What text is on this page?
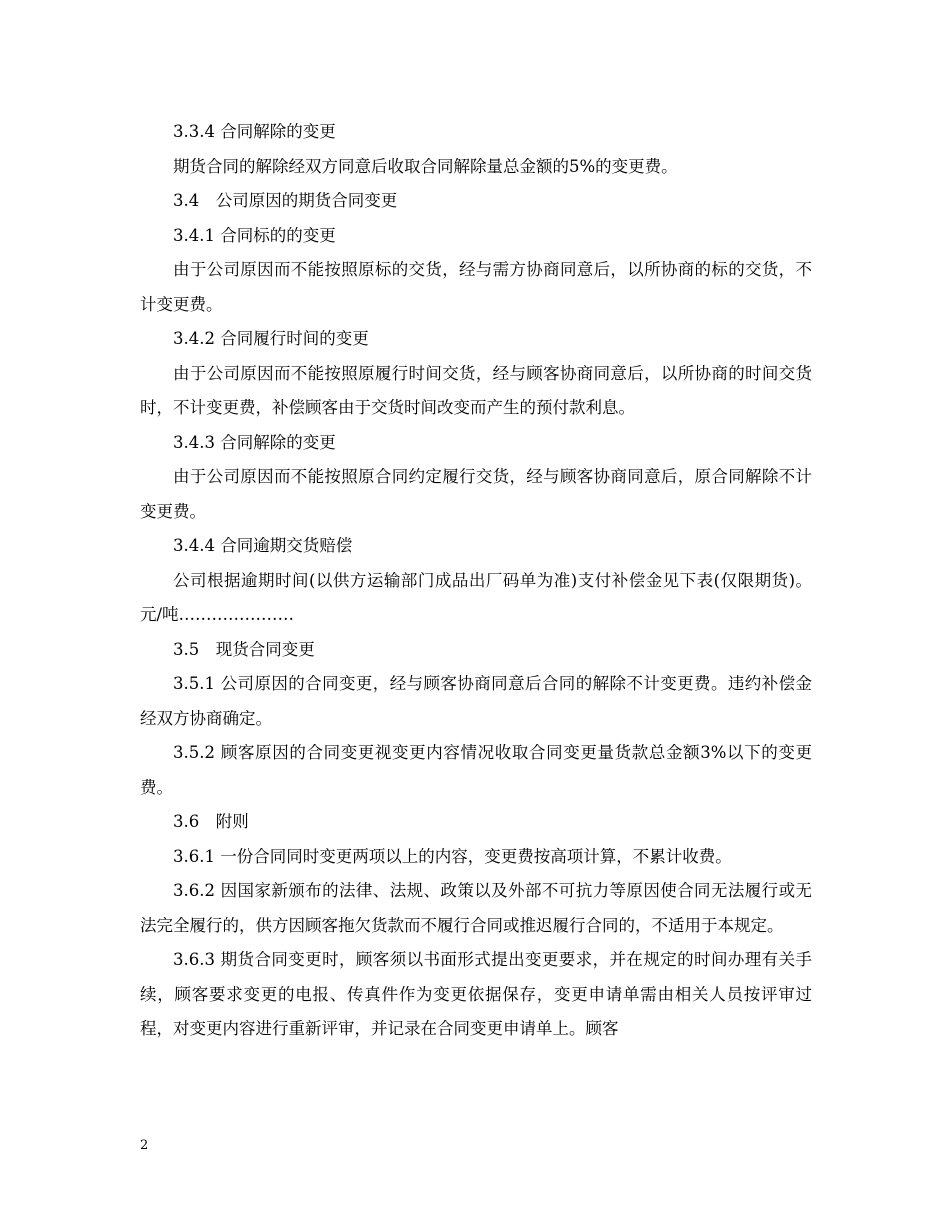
3.3.4 合同解除的变更

期货合同的解除经双方同意后收取合同解除量总金额的5%的变更费。

3.4　公司原因的期货合同变更

3.4.1 合同标的的变更

由于公司原因而不能按照原标的交货，经与需方协商同意后，以所协商的标的交货，不计变更费。

3.4.2 合同履行时间的变更

由于公司原因而不能按照原履行时间交货，经与顾客协商同意后，以所协商的时间交货时，不计变更费，补偿顾客由于交货时间改变而产生的预付款利息。

3.4.3 合同解除的变更

由于公司原因而不能按照原合同约定履行交货，经与顾客协商同意后，原合同解除不计变更费。

3.4.4 合同逾期交货赔偿

公司根据逾期时间(以供方运输部门成品出厂码单为准)支付补偿金见下表(仅限期货)。 元/吨…………………

3.5　现货合同变更

3.5.1 公司原因的合同变更，经与顾客协商同意后合同的解除不计变更费。违约补偿金经双方协商确定。

3.5.2 顾客原因的合同变更视变更内容情况收取合同变更量货款总金额3%以下的变更费。

3.6　附则

3.6.1 一份合同同时变更两项以上的内容，变更费按高项计算，不累计收费。

3.6.2 因国家新颁布的法律、法规、政策以及外部不可抗力等原因使合同无法履行或无法完全履行的，供方因顾客拖欠货款而不履行合同或推迟履行合同的，不适用于本规定。

3.6.3 期货合同变更时，顾客须以书面形式提出变更要求，并在规定的时间办理有关手续，顾客要求变更的电报、传真件作为变更依据保存，变更申请单需由相关人员按评审过程，对变更内容进行重新评审，并记录在合同变更申请单上。顾客

2
